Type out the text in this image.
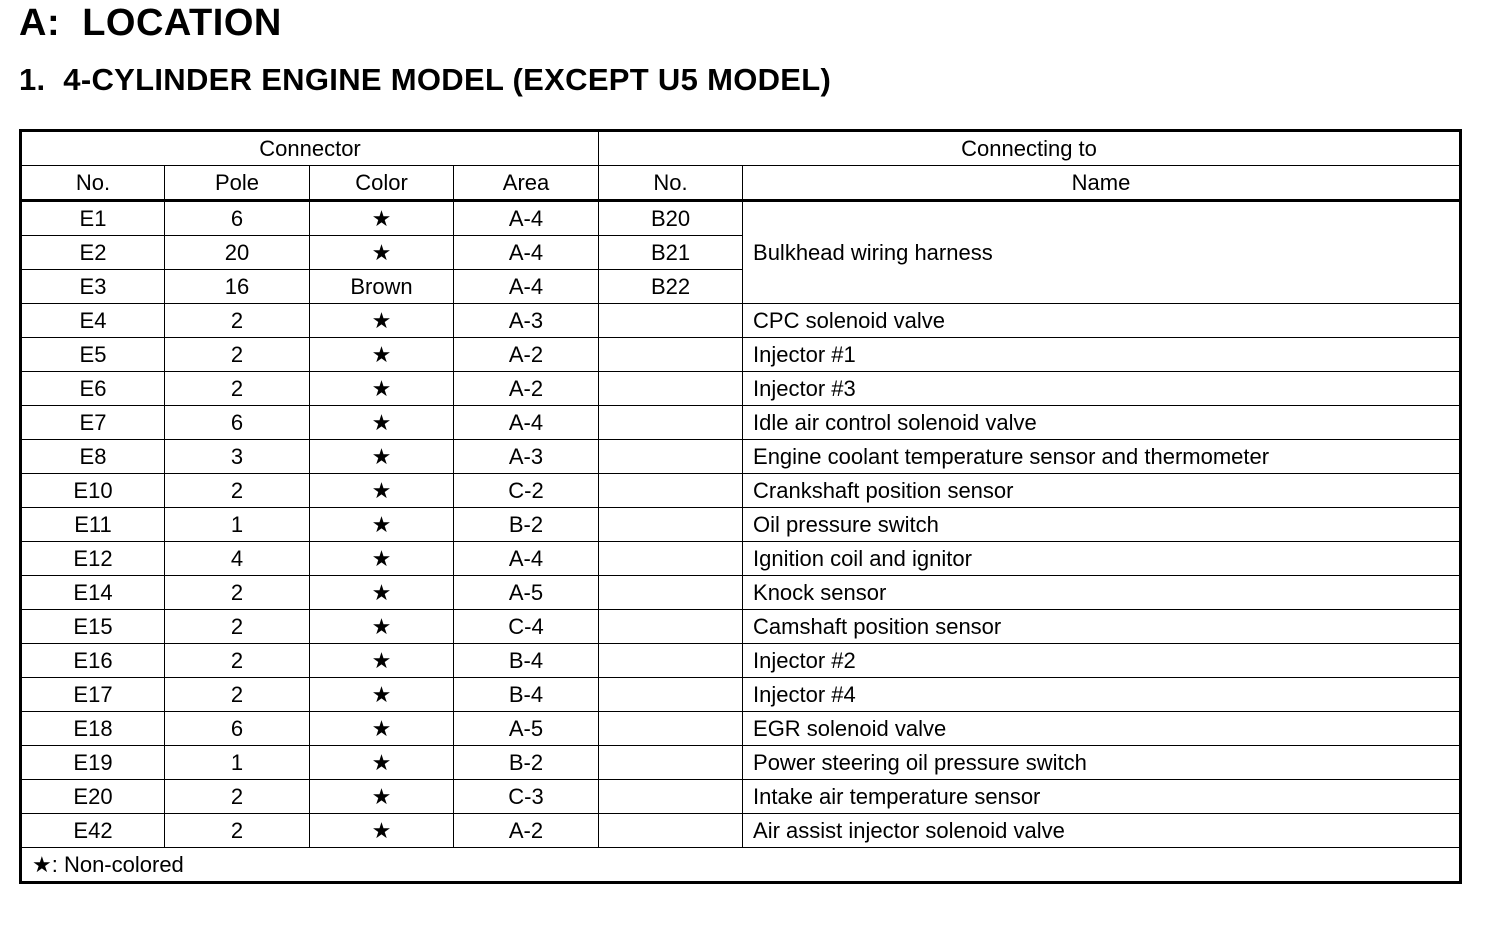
A:  LOCATION
1.  4-CYLINDER ENGINE MODEL (EXCEPT U5 MODEL)
Connector				Connecting to	
No.	Pole	Color	Area	No.	Name
E1	6	★	A-4	B20	Bulkhead wiring harness
E2	20	★	A-4	B21	
E3	16	Brown	A-4	B22	
E4	2	★	A-3		CPC solenoid valve
E5	2	★	A-2		Injector #1
E6	2	★	A-2		Injector #3
E7	6	★	A-4		Idle air control solenoid valve
E8	3	★	A-3		Engine coolant temperature sensor and thermometer
E10	2	★	C-2		Crankshaft position sensor
E11	1	★	B-2		Oil pressure switch
E12	4	★	A-4		Ignition coil and ignitor
E14	2	★	A-5		Knock sensor
E15	2	★	C-4		Camshaft position sensor
E16	2	★	B-4		Injector #2
E17	2	★	B-4		Injector #4
E18	6	★	A-5		EGR solenoid valve
E19	1	★	B-2		Power steering oil pressure switch
E20	2	★	C-3		Intake air temperature sensor
E42	2	★	A-2		Air assist injector solenoid valve
★: Non-colored					
